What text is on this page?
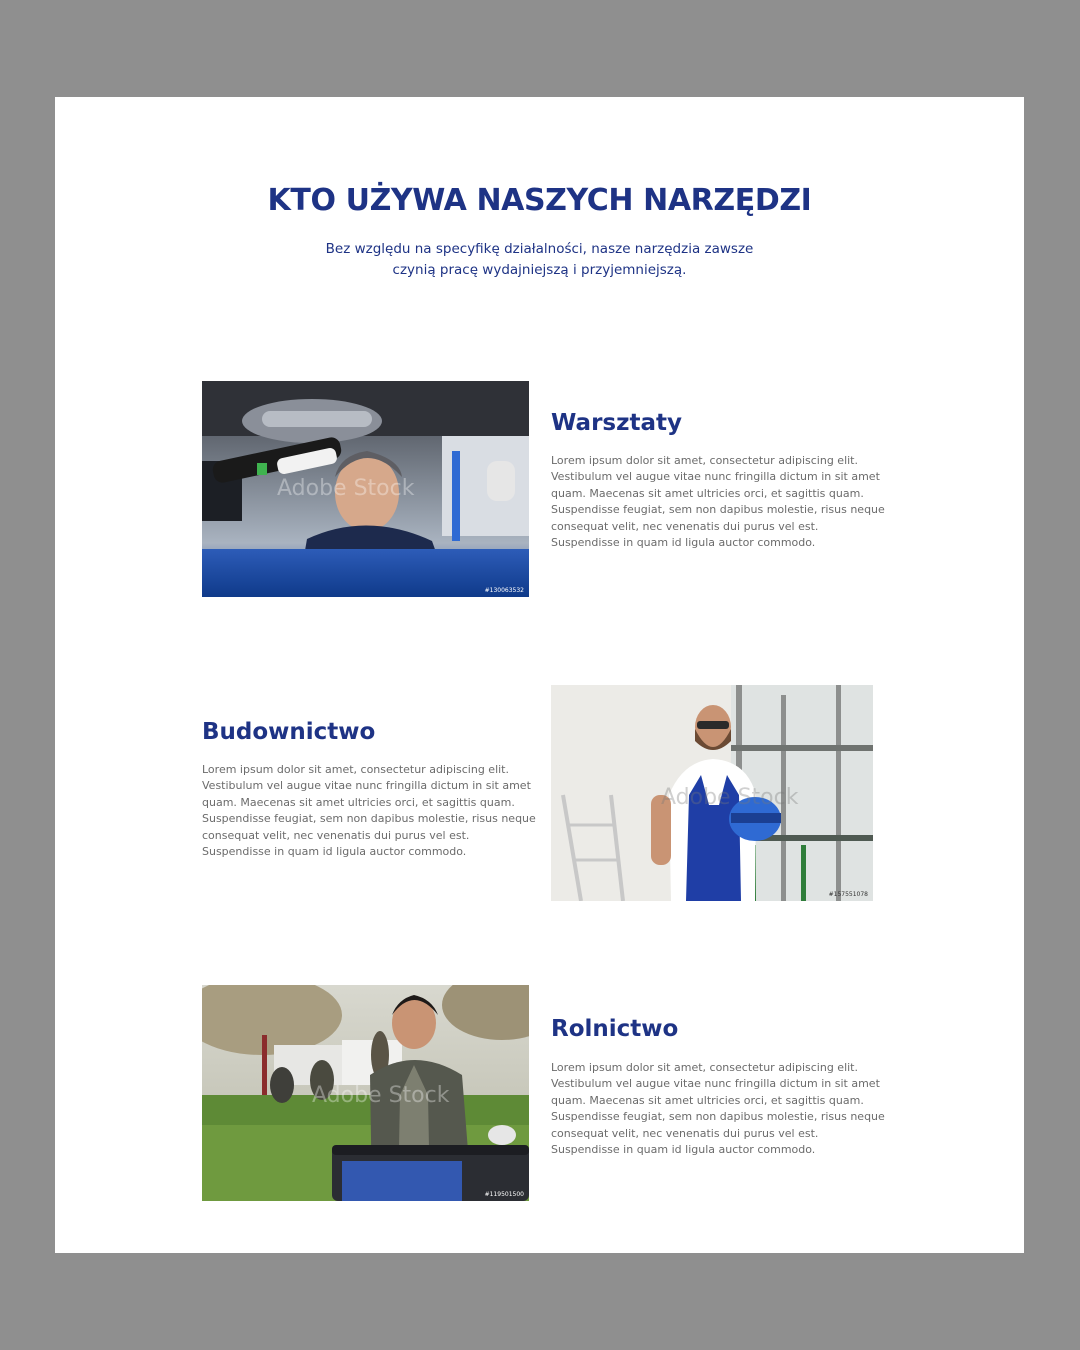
KTO UŻYWA NASZYCH NARZĘDZI

Bez względu na specyfikę działalności, nasze narzędzia zawsze
czynią pracę wydajniejszą i przyjemniejszą.

Adobe Stock
#130063532
Warsztaty

Lorem ipsum dolor sit amet, consectetur adipiscing elit.
Vestibulum vel augue vitae nunc fringilla dictum in sit amet
quam. Maecenas sit amet ultricies orci, et sagittis quam.
Suspendisse feugiat, sem non dapibus molestie, risus neque
consequat velit, nec venenatis dui purus vel est.
Suspendisse in quam id ligula auctor commodo.

Budownictwo

Lorem ipsum dolor sit amet, consectetur adipiscing elit.
Vestibulum vel augue vitae nunc fringilla dictum in sit amet
quam. Maecenas sit amet ultricies orci, et sagittis quam.
Suspendisse feugiat, sem non dapibus molestie, risus neque
consequat velit, nec venenatis dui purus vel est.
Suspendisse in quam id ligula auctor commodo.

Adobe Stock
#157551078
Adobe Stock
#119501500
Rolnictwo

Lorem ipsum dolor sit amet, consectetur adipiscing elit.
Vestibulum vel augue vitae nunc fringilla dictum in sit amet
quam. Maecenas sit amet ultricies orci, et sagittis quam.
Suspendisse feugiat, sem non dapibus molestie, risus neque
consequat velit, nec venenatis dui purus vel est.
Suspendisse in quam id ligula auctor commodo.
